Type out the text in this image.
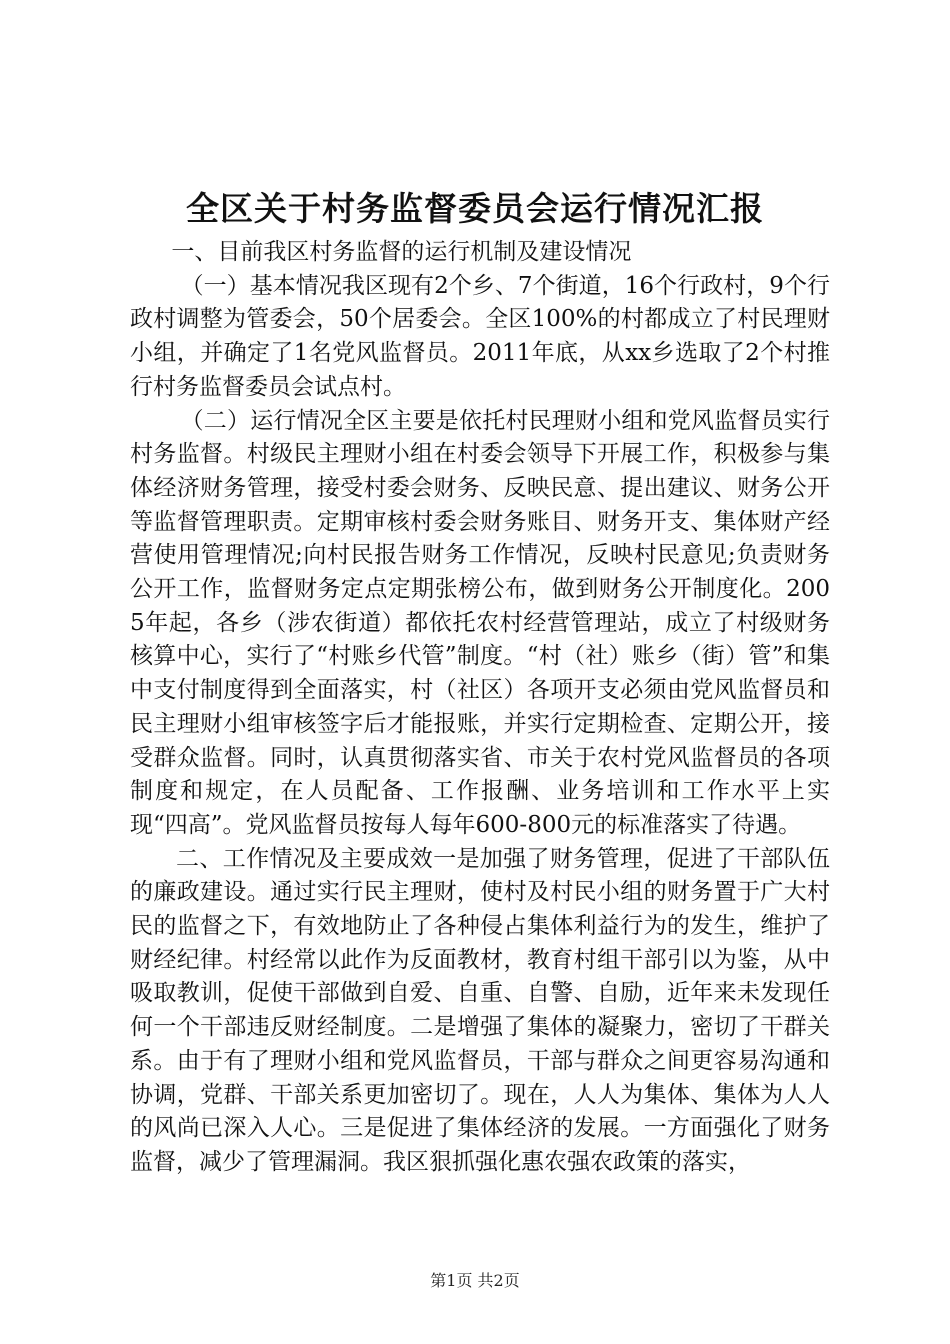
全区关于村务监督委员会运行情况汇报

一、目前我区村务监督的运行机制及建设情况

（一）基本情况我区现有2个乡、7个街道，16个行政村，9个行政村调整为管委会，50个居委会。全区100%的村都成立了村民理财小组，并确定了1名党风监督员。2011年底，从xx乡选取了2个村推行村务监督委员会试点村。

（二）运行情况全区主要是依托村民理财小组和党风监督员实行村务监督。村级民主理财小组在村委会领导下开展工作，积极参与集体经济财务管理，接受村委会财务、反映民意、提出建议、财务公开等监督管理职责。定期审核村委会财务账目、财务开支、集体财产经营使用管理情况;向村民报告财务工作情况，反映村民意见;负责财务公开工作，监督财务定点定期张榜公布，做到财务公开制度化。2005年起，各乡（涉农街道）都依托农村经营管理站，成立了村级财务核算中心，实行了“村账乡代管”制度。“村（社）账乡（街）管”和集中支付制度得到全面落实，村（社区）各项开支必须由党风监督员和民主理财小组审核签字后才能报账，并实行定期检查、定期公开，接受群众监督。同时，认真贯彻落实省、市关于农村党风监督员的各项制度和规定，在人员配备、工作报酬、业务培训和工作水平上实现“四高”。党风监督员按每人每年600-800元的标准落实了待遇。

二、工作情况及主要成效一是加强了财务管理，促进了干部队伍的廉政建设。通过实行民主理财，使村及村民小组的财务置于广大村民的监督之下，有效地防止了各种侵占集体利益行为的发生，维护了财经纪律。村经常以此作为反面教材，教育村组干部引以为鉴，从中吸取教训，促使干部做到自爱、自重、自警、自励，近年来未发现任何一个干部违反财经制度。二是增强了集体的凝聚力，密切了干群关系。由于有了理财小组和党风监督员，干部与群众之间更容易沟通和协调，党群、干部关系更加密切了。现在，人人为集体、集体为人人的风尚已深入人心。三是促进了集体经济的发展。一方面强化了财务监督，减少了管理漏洞。我区狠抓强化惠农强农政策的落实，

第1页 共2页
